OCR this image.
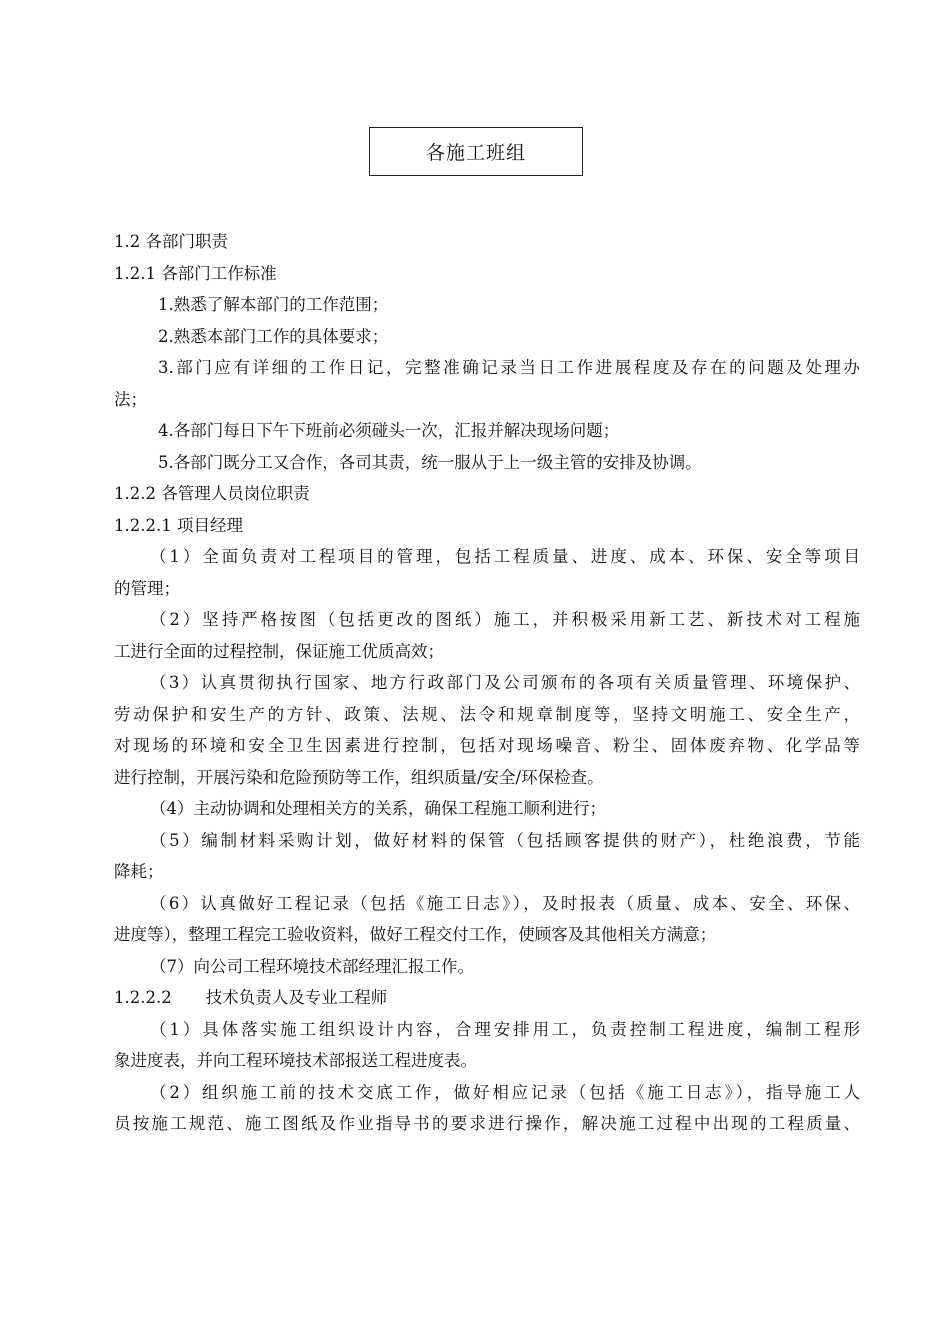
各施工班组
1.2 各部门职责
1.2.1 各部门工作标准
1.熟悉了解本部门的工作范围；
2.熟悉本部门工作的具体要求；
3.部门应有详细的工作日记，完整准确记录当日工作进展程度及存在的问题及处理办
法；
4.各部门每日下午下班前必须碰头一次，汇报并解决现场问题；
5.各部门既分工又合作，各司其责，统一服从于上一级主管的安排及协调。
1.2.2 各管理人员岗位职责
1.2.2.1 项目经理
（1）全面负责对工程项目的管理，包括工程质量、进度、成本、环保、安全等项目
的管理；
（2）坚持严格按图（包括更改的图纸）施工，并积极采用新工艺、新技术对工程施
工进行全面的过程控制，保证施工优质高效；
（3）认真贯彻执行国家、地方行政部门及公司颁布的各项有关质量管理、环境保护、
劳动保护和安生产的方针、政策、法规、法令和规章制度等，坚持文明施工、安全生产，
对现场的环境和安全卫生因素进行控制，包括对现场噪音、粉尘、固体废弃物、化学品等
进行控制，开展污染和危险预防等工作，组织质量/安全/环保检查。
（4）主动协调和处理相关方的关系，确保工程施工顺利进行；
（5）编制材料采购计划，做好材料的保管（包括顾客提供的财产），杜绝浪费，节能
降耗；
（6）认真做好工程记录（包括《施工日志》），及时报表（质量、成本、安全、环保、
进度等），整理工程完工验收资料，做好工程交付工作，使顾客及其他相关方满意；
（7）向公司工程环境技术部经理汇报工作。
1.2.2.2 技术负责人及专业工程师
（1）具体落实施工组织设计内容，合理安排用工，负责控制工程进度，编制工程形
象进度表，并向工程环境技术部报送工程进度表。
（2）组织施工前的技术交底工作，做好相应记录（包括《施工日志》），指导施工人
员按施工规范、施工图纸及作业指导书的要求进行操作，解决施工过程中出现的工程质量、
